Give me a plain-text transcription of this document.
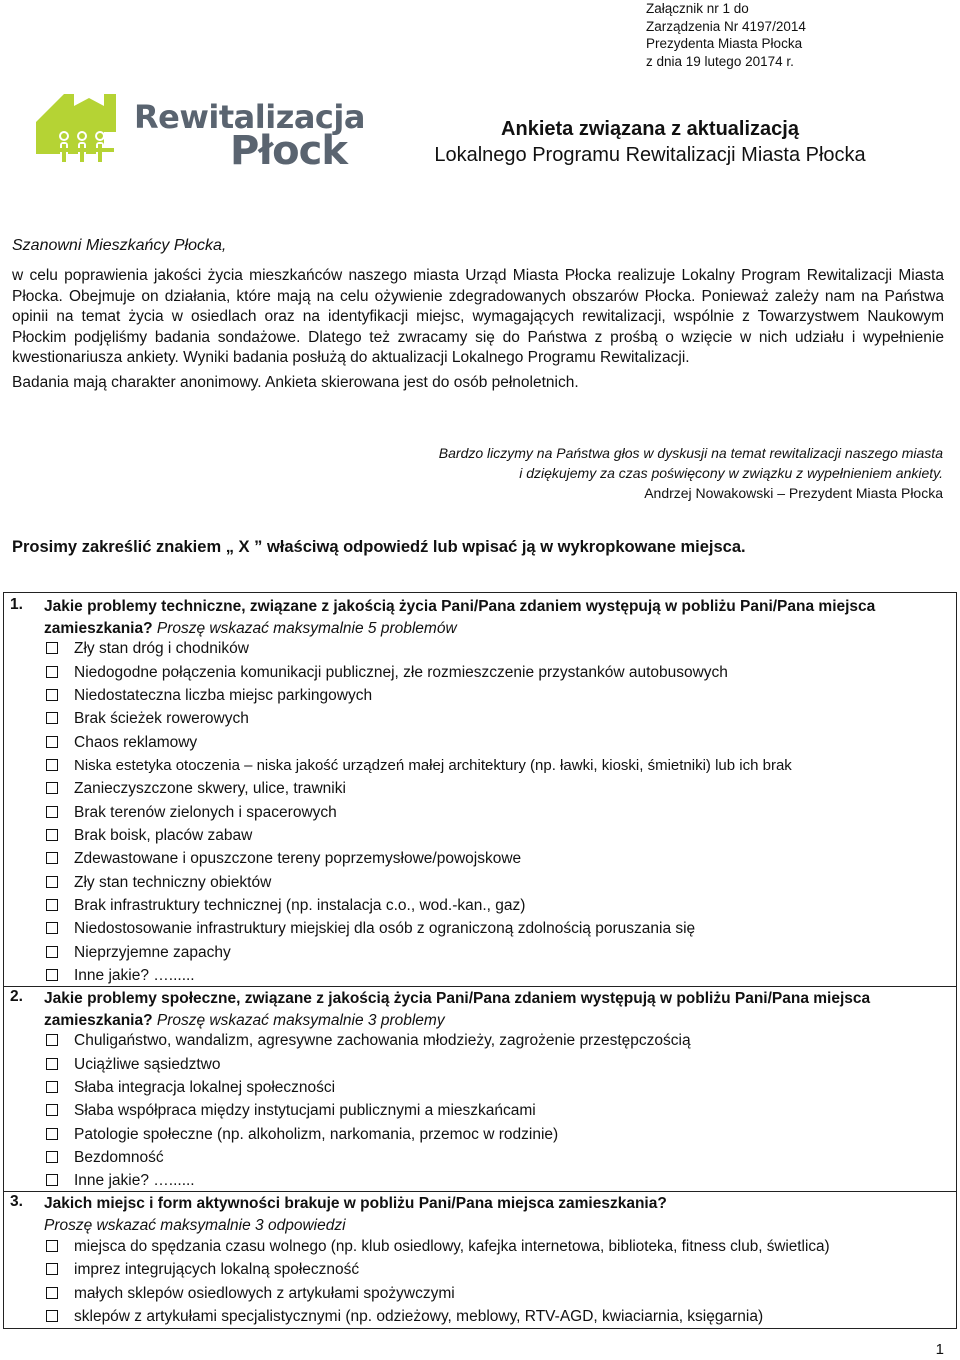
Załącznik nr 1 do
Zarządzenia Nr 4197/2014
Prezydenta Miasta Płocka
z dnia 19 lutego 20174 r.
Rewitalizacja
Płock	Ankieta związana z aktualizacją
Lokalnego Programu Rewitalizacji Miasta Płocka
Szanowni Mieszkańcy Płocka,

w celu poprawienia jakości życia mieszkańców naszego miasta Urząd Miasta Płocka realizuje Lokalny Program Rewitalizacji Miasta Płocka. Obejmuje on działania, które mają na celu ożywienie zdegradowanych obszarów Płocka. Ponieważ zależy nam na Państwa opinii na temat życia w osiedlach oraz na identyfikacji miejsc, wymagających rewitalizacji, wspólnie z Towarzystwem Naukowym Płockim podjęliśmy badania sondażowe. Dlatego też zwracamy się do Państwa z prośbą o wzięcie w nich udziału i wypełnienie kwestionariusza ankiety. Wyniki badania posłużą do aktualizacji Lokalnego Programu Rewitalizacji.

Badania mają charakter anonimowy. Ankieta skierowana jest do osób pełnoletnich.

Bardzo liczymy na Państwa głos w dyskusji na temat rewitalizacji naszego miasta
i dziękujemy za czas poświęcony w związku z wypełnieniem ankiety.
Andrzej Nowakowski – Prezydent Miasta Płocka
Prosimy zakreślić znakiem „ X ” właściwą odpowiedź lub wpisać ją w wykropkowane miejsca.
1. Jakie problemy techniczne, związane z jakością życia Pani/Pana zdaniem występują w pobliżu Pani/Pana miejsca zamieszkania? Proszę wskazać maksymalnie 5 problemów
Zły stan dróg i chodników
Niedogodne połączenia komunikacji publicznej, złe rozmieszczenie przystanków autobusowych
Niedostateczna liczba miejsc parkingowych
Brak ścieżek rowerowych
Chaos reklamowy
Niska estetyka otoczenia – niska jakość urządzeń małej architektury (np. ławki, kioski, śmietniki) lub ich brak
Zanieczyszczone skwery, ulice, trawniki
Brak terenów zielonych i spacerowych
Brak boisk, placów zabaw
Zdewastowane i opuszczone tereny poprzemysłowe/powojskowe
Zły stan techniczny obiektów
Brak infrastruktury technicznej (np. instalacja c.o., wod.-kan., gaz)
Niedostosowanie infrastruktury miejskiej dla osób z ograniczoną zdolnością poruszania się
Nieprzyjemne zapachy
Inne jakie? …......
2. Jakie problemy społeczne, związane z jakością życia Pani/Pana zdaniem występują w pobliżu Pani/Pana miejsca zamieszkania? Proszę wskazać maksymalnie 3 problemy
Chuligaństwo, wandalizm, agresywne zachowania młodzieży, zagrożenie przestępczością
Uciążliwe sąsiedztwo
Słaba integracja lokalnej społeczności
Słaba współpraca między instytucjami publicznymi a mieszkańcami
Patologie społeczne (np. alkoholizm, narkomania, przemoc w rodzinie)
Bezdomność
Inne jakie? …......
3. Jakich miejsc i form aktywności brakuje w pobliżu Pani/Pana miejsca zamieszkania?
Proszę wskazać maksymalnie 3 odpowiedzi
miejsca do spędzania czasu wolnego (np. klub osiedlowy, kafejka internetowa, biblioteka, fitness club, świetlica)
imprez integrujących lokalną społeczność
małych sklepów osiedlowych z artykułami spożywczymi
sklepów z artykułami specjalistycznymi (np. odzieżowy, meblowy, RTV-AGD, kwiaciarnia, księgarnia)
1
